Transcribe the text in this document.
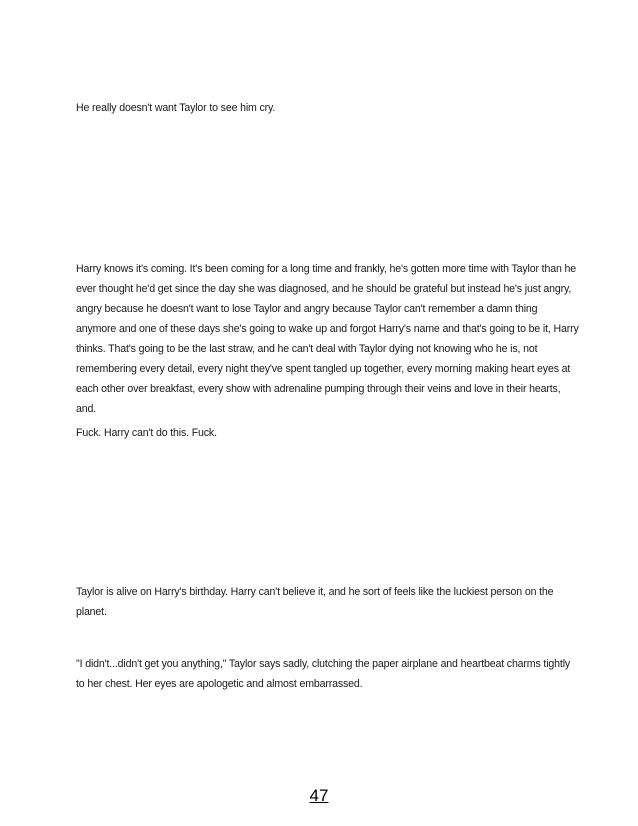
He really doesn't want Taylor to see him cry.

Harry knows it's coming. It's been coming for a long time and frankly, he's gotten more time with Taylor than he ever thought he'd get since the day she was diagnosed, and he should be grateful but instead he's just angry, angry because he doesn't want to lose Taylor and angry because Taylor can't remember a damn thing anymore and one of these days she's going to wake up and forgot Harry's name and that's going to be it, Harry thinks. That's going to be the last straw, and he can't deal with Taylor dying not knowing who he is, not remembering every detail, every night they've spent tangled up together, every morning making heart eyes at each other over breakfast, every show with adrenaline pumping through their veins and love in their hearts, and.

Fuck. Harry can't do this. Fuck.

Taylor is alive on Harry's birthday. Harry can't believe it, and he sort of feels like the luckiest person on the planet.

"I didn't...didn't get you anything," Taylor says sadly, clutching the paper airplane and heartbeat charms tightly to her chest. Her eyes are apologetic and almost embarrassed.

47
